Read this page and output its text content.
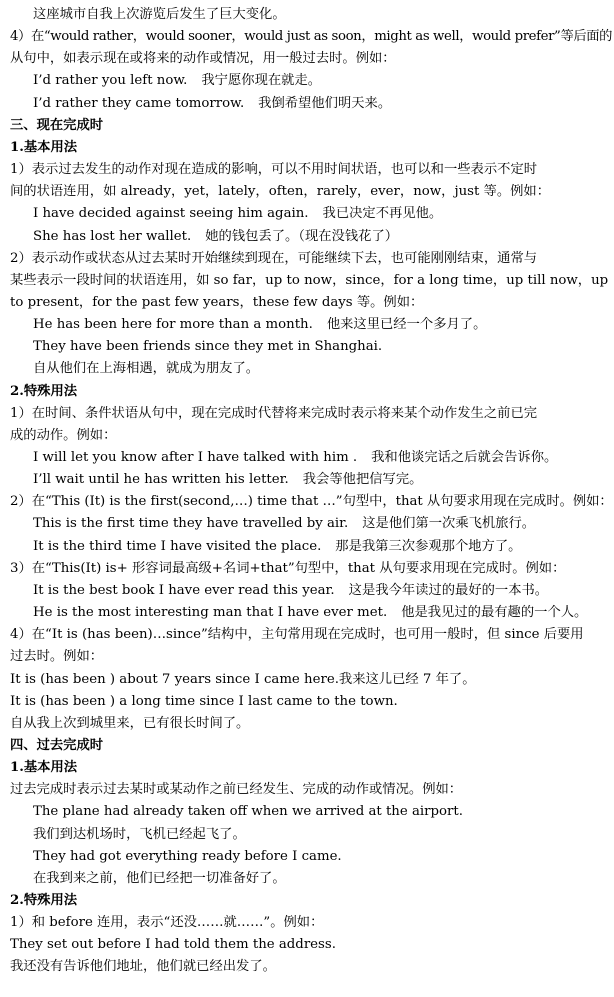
这座城市自我上次游览后发生了巨大变化。
4）在“would rather，would sooner，would just as soon，might as well，would prefer”等后面的
从句中，如表示现在或将来的动作或情况，用一般过去时。例如：
I’d rather you left now. 我宁愿你现在就走。
I’d rather they came tomorrow. 我倒希望他们明天来。
三、现在完成时
1.基本用法
1）表示过去发生的动作对现在造成的影响，可以不用时间状语，也可以和一些表示不定时
间的状语连用，如 already，yet，lately，often，rarely，ever，now，just 等。例如：
I have decided against seeing him again. 我已决定不再见他。
She has lost her wallet. 她的钱包丢了。（现在没钱花了）
2）表示动作或状态从过去某时开始继续到现在，可能继续下去，也可能刚刚结束，通常与
某些表示一段时间的状语连用，如 so far，up to now，since，for a long time，up till now，up
to present，for the past few years，these few days 等。例如：
He has been here for more than a month. 他来这里已经一个多月了。
They have been friends since they met in Shanghai.
自从他们在上海相遇，就成为朋友了。
2.特殊用法
1）在时间、条件状语从句中，现在完成时代替将来完成时表示将来某个动作发生之前已完
成的动作。例如：
I will let you know after I have talked with him . 我和他谈完话之后就会告诉你。
I’ll wait until he has written his letter. 我会等他把信写完。
2）在“This (It) is the first(second,…) time that …”句型中，that 从句要求用现在完成时。例如：
This is the first time they have travelled by air. 这是他们第一次乘飞机旅行。
It is the third time I have visited the place. 那是我第三次参观那个地方了。
3）在“This(It) is+ 形容词最高级+名词+that”句型中，that 从句要求用现在完成时。例如：
It is the best book I have ever read this year. 这是我今年读过的最好的一本书。
He is the most interesting man that I have ever met. 他是我见过的最有趣的一个人。
4）在“It is (has been)…since”结构中，主句常用现在完成时，也可用一般时，但 since 后要用
过去时。例如：
It is (has been ) about 7 years since I came here.我来这儿已经 7 年了。
It is (has been ) a long time since I last came to the town.
自从我上次到城里来，已有很长时间了。
四、过去完成时
1.基本用法
过去完成时表示过去某时或某动作之前已经发生、完成的动作或情况。例如：
The plane had already taken off when we arrived at the airport.
我们到达机场时，飞机已经起飞了。
They had got everything ready before I came.
在我到来之前，他们已经把一切准备好了。
2.特殊用法
1）和 before 连用，表示“还没……就……”。例如：
They set out before I had told them the address.
我还没有告诉他们地址，他们就已经出发了。
